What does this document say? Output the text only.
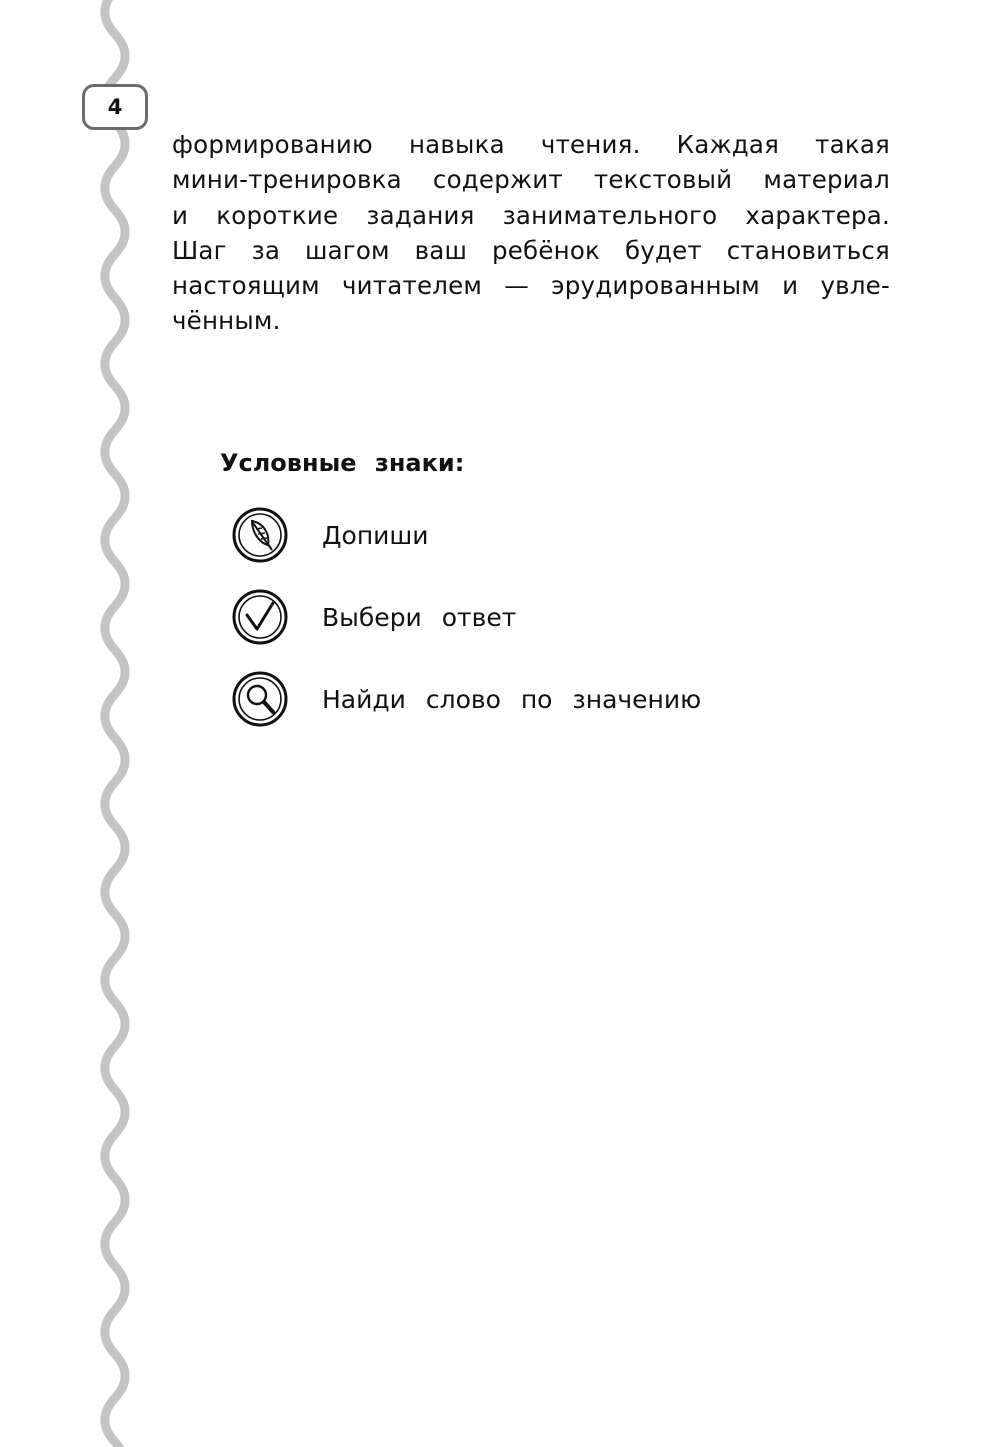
4
формированию навыка чтения. Каждая такая
мини-тренировка содержит текстовый материал
и короткие задания занимательного характера.
Шаг за шагом ваш ребёнок будет становиться
настоящим читателем — эрудированным и увле-
чённым.
Условные знаки:
Допиши
Выбери ответ
Найди слово по значению
